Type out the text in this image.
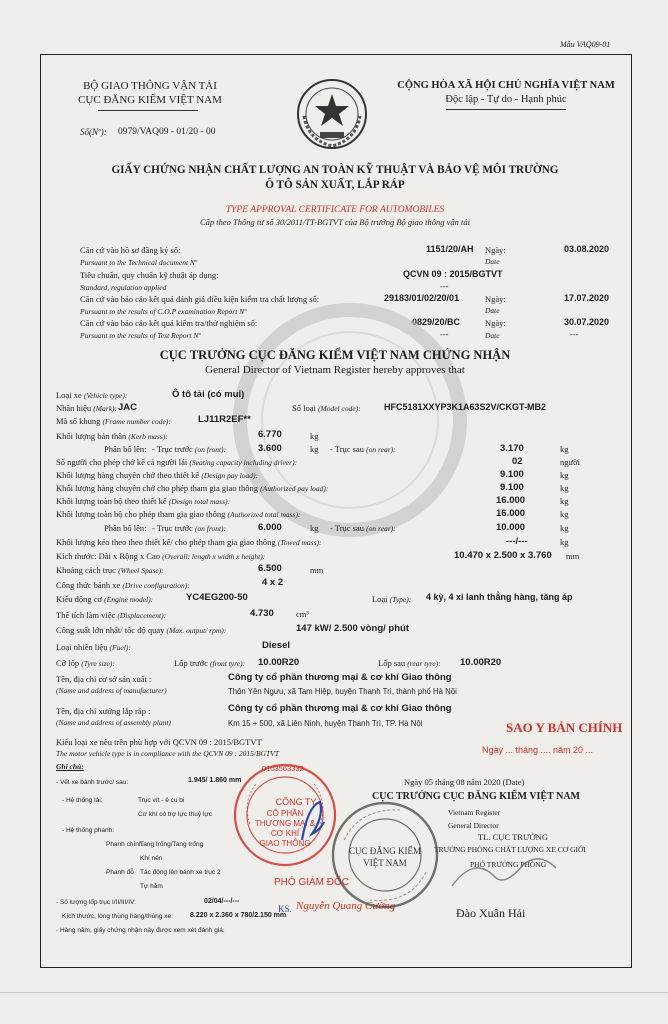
Mẫu VAQ09-01
BỘ GIAO THÔNG VẬN TẢI
CỤC ĐĂNG KIỂM VIỆT NAM
Số(Nº): 0979/VAQ09 - 01/20 - 00
CỘNG HÒA XÃ HỘI CHỦ NGHĨA VIỆT NAM
Độc lập - Tự do - Hạnh phúc
GIẤY CHỨNG NHẬN CHẤT LƯỢNG AN TOÀN KỸ THUẬT VÀ BẢO VỆ MÔI TRƯỜNG
Ô TÔ SẢN XUẤT, LẮP RÁP
TYPE APPROVAL CERTIFICATE FOR AUTOMOBILES
Cấp theo Thông tư số 30/2011/TT-BGTVT của Bộ trưởng Bộ giao thông vận tải
Căn cứ vào hồ sơ đăng ký số:	1151/20/AH Ngày:	03.08.2020
Pursuant to the Technical document Nº	Date
Tiêu chuẩn, quy chuẩn kỹ thuật áp dụng:	QCVN 09 : 2015/BGTVT
Standard, regulation applied	---
Căn cứ vào báo cáo kết quả đánh giá điều kiện kiểm tra chất lượng số:	29183/01/02/20/01	Ngày:	17.07.2020
Pursuant to the results of C.O.P examination Report Nº	Date
Căn cứ vào báo cáo kết quả kiểm tra/thử nghiệm số:	0829/20/BC	Ngày:	30.07.2020
Pursuant to the results of Test Report Nº	---	Date	---
CỤC TRƯỞNG CỤC ĐĂNG KIỂM VIỆT NAM CHỨNG NHẬN
General Director of Vietnam Register hereby approves that
Loại xe (Vehicle type):	Ô tô tải (có mui)
Nhãn hiệu (Mark): JAC	Số loại (Model code):	HFC5181XXYP3K1A63S2V/CKGT-MB2
Mã số khung (Frame number code):	LJ11R2EF**
Khối lượng bản thân (Kerb mass):	6.770	kg
Phân bố lên: - Trục trước (on front):	3.600	kg - Trục sau (on rear):	3.170	kg
Số người cho phép chở kể cả người lái (Seating capacity including driver):	02	người
Khối lượng hàng chuyên chở theo thiết kế (Design pay load):	9.100	kg
Khối lượng hàng chuyên chở cho phép tham gia giao thông (Authorized pay load):	9.100	kg
Khối lượng toàn bộ theo thiết kế (Design total mass):	16.000	kg
Khối lượng toàn bộ cho phép tham gia giao thông (Authorized total mass):	16.000	kg
Phân bố lên: - Trục trước (on front):	6.000	kg - Trục sau (on rear):	10.000	kg
Khối lượng kéo theo theo thiết kế/ cho phép tham gia giao thông (Towed mass):	---/---	kg
Kích thước: Dài x Rộng x Cao (Overall: length x width x height):	10.470 x 2.500 x 3.760 mm
Khoảng cách trục (Wheel Spase):	6.500	mm
Công thức bánh xe (Drive configuration):	4 x 2
Kiểu động cơ (Engine model):	YC4EG200-50	Loại (Type): 4 kỳ, 4 xi lanh thẳng hàng, tăng áp
Thể tích làm việc (Displacement):	4.730	cm³
Công suất lớn nhất/ tốc độ quay (Max. output/ rpm):	147 kW/ 2.500 vòng/ phút
Loại nhiên liệu (Fuel):	Diesel
Cỡ lốp (Tyre size):	Lốp trước (front tyre): 10.00R20	Lốp sau (rear tyre): 10.00R20
Tên, địa chỉ cơ sở sản xuất :
(Name and address of manufacturer)
Công ty cổ phần thương mại & cơ khí Giao thông
Thôn Yên Ngưu, xã Tam Hiệp, huyện Thanh Trì, thành phố Hà Nội
Tên, địa chỉ xưởng lắp ráp :
(Name and address of assembly plant)
Công ty cổ phần thương mại & cơ khí Giao thông
Km 15 + 500, xã Liên Ninh, huyện Thanh Trì, TP. Hà Nội
Kiểu loại xe nêu trên phù hợp với QCVN 09 : 2015/BGTVT
The motor vehicle type is in compliance with the QCVN 09 : 2015/BGTVT
SAO Y BẢN CHÍNH
Ngày ... tháng .... năm 20 ...
Ghi chú:
- Vết xe bánh trước/ sau:	1.945/ 1.860 mm
- Hệ thống lái:	Trục vít - ê cu bi
Cơ khí có trợ lực thuỷ lực
- Hệ thống phanh:
Phanh chính
Tang trống/Tang trống
Khí nén
Phanh đỗ Tác động lên bánh xe trục 2
Tự hãm
- Số lượng lốp trục I/II/III/IV:	02/04/---/---
Kích thước, lòng thùng hàng/thùng xe: 8.220 x 2.360 x 780/2.150 mm
- Hàng năm, giấy chứng nhận này được xem xét đánh giá.
Ngày 05 tháng 08 năm 2020 (Date)
CỤC TRƯỞNG CỤC ĐĂNG KIỂM VIỆT NAM
Vietnam Register
General Director
TL. CỤC TRƯỞNG
TRƯỞNG PHÒNG CHẤT LƯỢNG XE CƠ GIỚI
PHÓ TRƯỞNG PHÒNG
Đào Xuân Hải
0103563332
CÔNG TY
CỔ PHẦN
THƯƠNG MẠI &
CƠ KHÍ
GIAO THÔNG
PHÓ GIÁM ĐỐC
KS. Nguyễn Quang Cường
CỤC ĐĂNG KIỂM
VIỆT NAM
